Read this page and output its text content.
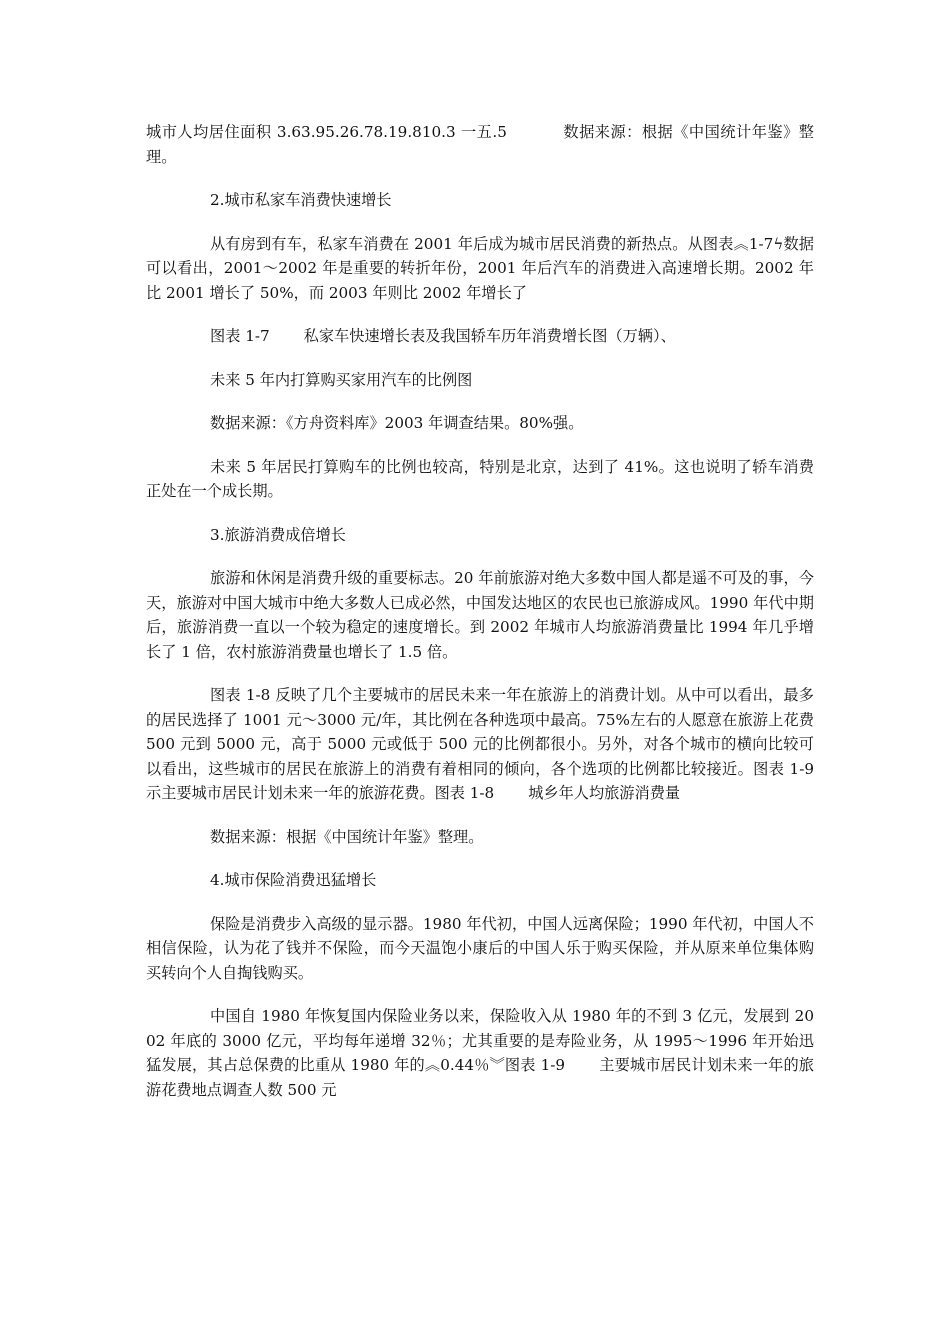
城市人均居住面积 3.63.95.26.78.19.810.3 一五.5	数据来源：根据《中国统计年鉴》整理。

2.城市私家车消费快速增长

从有房到有车，私家车消费在 2001 年后成为城市居民消费的新热点。从图表︽1-7ϟ数据可以看出，2001～2002 年是重要的转折年份，2001 年后汽车的消费进入高速增长期。2002 年比 2001 增长了 50%，而 2003 年则比 2002 年增长了

图表 1-7 私家车快速增长表及我国轿车历年消费增长图（万辆）、

未来 5 年内打算购买家用汽车的比例图

数据来源：《方舟资料库》2003 年调查结果。80%强。

未来 5 年居民打算购车的比例也较高，特别是北京，达到了 41%。这也说明了轿车消费正处在一个成长期。

3.旅游消费成倍增长

旅游和休闲是消费升级的重要标志。20 年前旅游对绝大多数中国人都是遥不可及的事，今天，旅游对中国大城市中绝大多数人已成必然，中国发达地区的农民也已旅游成风。1990 年代中期后，旅游消费一直以一个较为稳定的速度增长。到 2002 年城市人均旅游消费量比 1994 年几乎增长了 1 倍，农村旅游消费量也增长了 1.5 倍。

图表 1-8 反映了几个主要城市的居民未来一年在旅游上的消费计划。从中可以看出，最多的居民选择了 1001 元～3000 元/年，其比例在各种选项中最高。75%左右的人愿意在旅游上花费 500 元到 5000 元，高于 5000 元或低于 500 元的比例都很小。另外，对各个城市的横向比较可以看出，这些城市的居民在旅游上的消费有着相同的倾向，各个选项的比例都比较接近。图表 1-9 示主要城市居民计划未来一年的旅游花费。图表 1-8 城乡年人均旅游消费量

数据来源：根据《中国统计年鉴》整理。

4.城市保险消费迅猛增长

保险是消费步入高级的显示器。1980 年代初，中国人远离保险；1990 年代初，中国人不相信保险，认为花了钱并不保险，而今天温饱小康后的中国人乐于购买保险，并从原来单位集体购买转向个人自掏钱购买。

中国自 1980 年恢复国内保险业务以来，保险收入从 1980 年的不到 3 亿元，发展到 2002 年底的 3000 亿元，平均每年递增 32％；尤其重要的是寿险业务，从 1995～1996 年开始迅猛发展，其占总保费的比重从 1980 年的︽0.44％︾图表 1-9 主要城市居民计划未来一年的旅游花费地点调查人数 500 元
